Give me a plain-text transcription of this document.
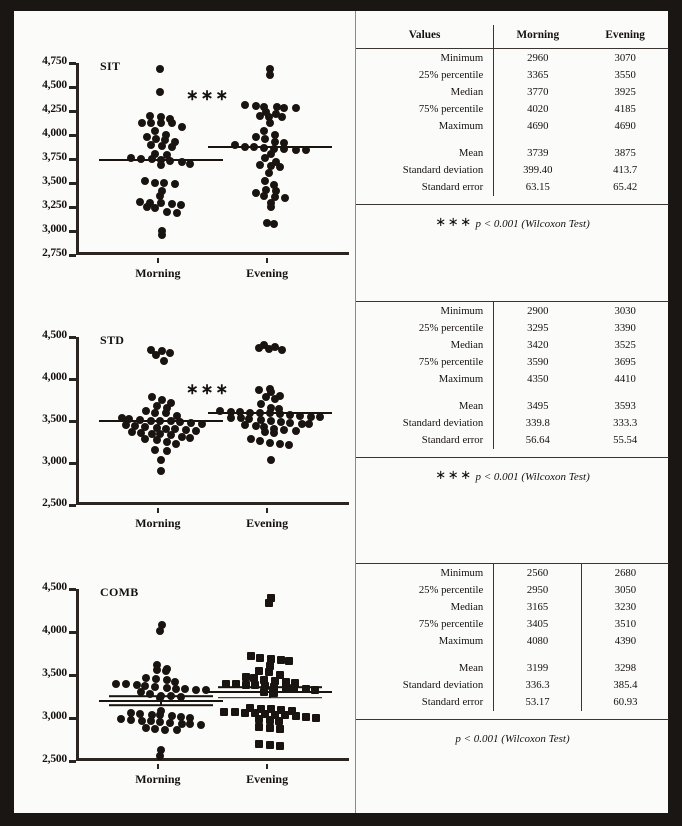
SIT
∗∗∗
2,750
3,000
3,250
3,500
3,750
4,000
4,250
4,500
4,750
Morning	Evening
STD
∗∗∗
2,500
3,000
3,500
4,000
4,500
Morning	Evening
COMB
2,500
3,000
3,500
4,000
4,500
Morning	Evening
Values	Morning	Evening
Minimum	2960	3070
25% percentile	3365	3550
Median	3770	3925
75% percentile	4020	4185
Maximum	4690	4690

Mean	3739	3875
Standard deviation	399.40	413.7
Standard error	63.15	65.42
∗∗∗ p < 0.001 (Wilcoxon Test)
Minimum	2900	3030
25% percentile	3295	3390
Median	3420	3525
75% percentile	3590	3695
Maximum	4350	4410

Mean	3495	3593
Standard deviation	339.8	333.3
Standard error	56.64	55.54
∗∗∗ p < 0.001 (Wilcoxon Test)
Minimum	2560	2680
25% percentile	2950	3050
Median	3165	3230
75% percentile	3405	3510
Maximum	4080	4390

Mean	3199	3298
Standard deviation	336.3	385.4
Standard error	53.17	60.93
p < 0.001 (Wilcoxon Test)
